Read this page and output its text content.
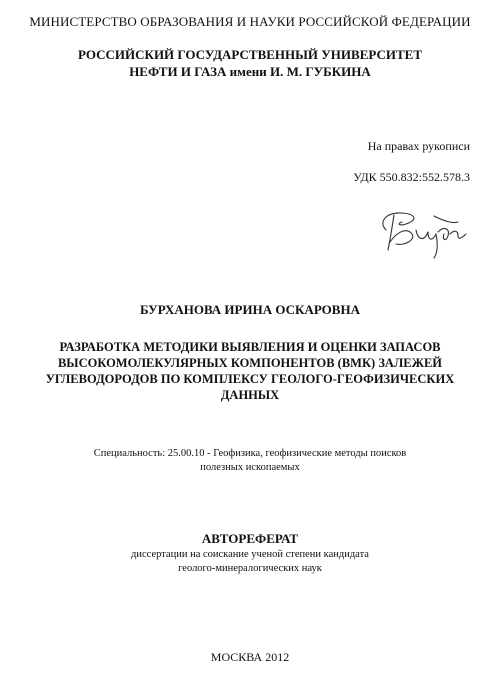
МИНИСТЕРСТВО ОБРАЗОВАНИЯ И НАУКИ РОССИЙСКОЙ ФЕДЕРАЦИИ
РОССИЙСКИЙ ГОСУДАРСТВЕННЫЙ УНИВЕРСИТЕТ
НЕФТИ И ГАЗА имени И. М. ГУБКИНА
На правах рукописи
УДК 550.832:552.578.3
БУРХАНОВА ИРИНА ОСКАРОВНА
РАЗРАБОТКА МЕТОДИКИ ВЫЯВЛЕНИЯ И ОЦЕНКИ ЗАПАСОВ
ВЫСОКОМОЛЕКУЛЯРНЫХ КОМПОНЕНТОВ (ВМК) ЗАЛЕЖЕЙ
УГЛЕВОДОРОДОВ ПО КОМПЛЕКСУ ГЕОЛОГО-ГЕОФИЗИЧЕСКИХ
ДАННЫХ
Специальность: 25.00.10 - Геофизика, геофизические методы поисков
полезных ископаемых
АВТОРЕФЕРАТ
диссертации на соискание ученой степени кандидата
геолого-минералогических наук
МОСКВА 2012
